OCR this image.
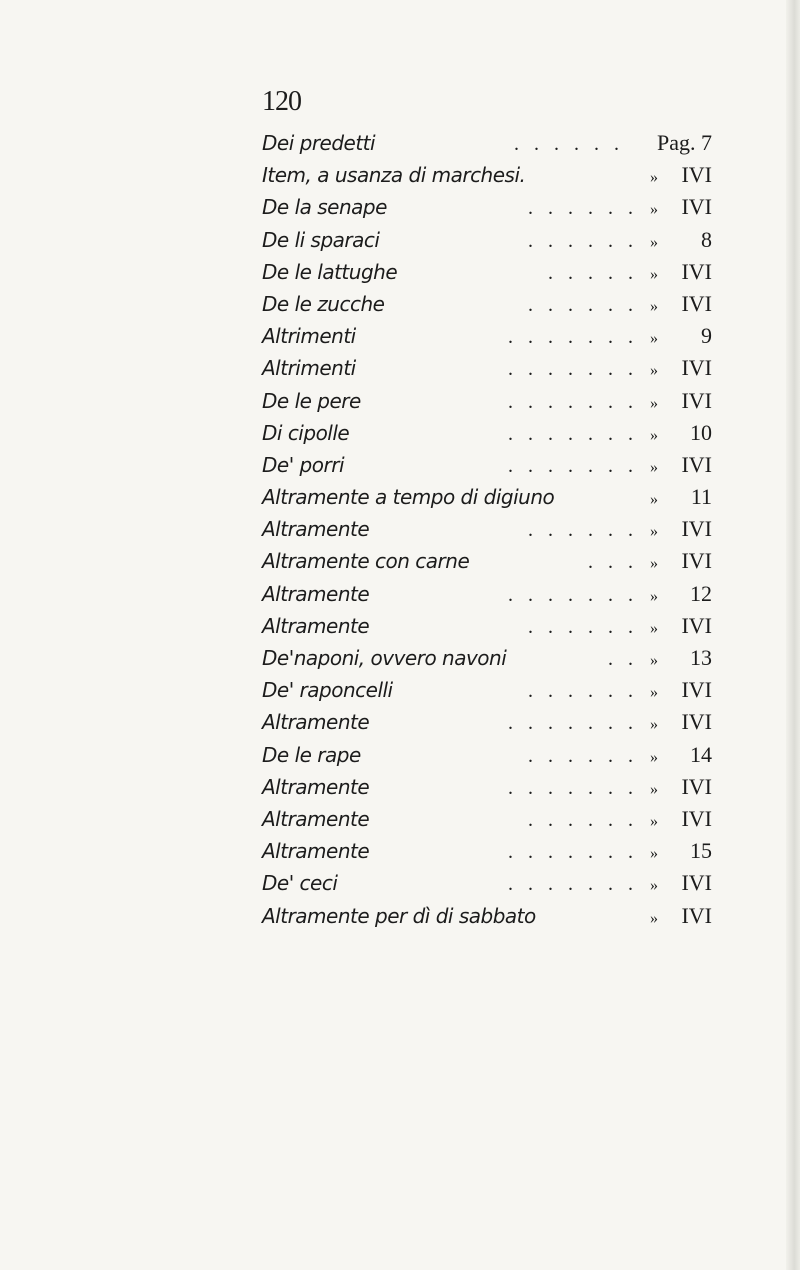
120
Dei predetti	. . . . . .	Pag. 7
Item, a usanza di marchesi.	»	IVI
De la senape	. . . . . . »	IVI
De li sparaci	. . . . . . »	8
De le lattughe	. . . . . »	IVI
De le zucche	. . . . . . »	IVI
Altrimenti	. . . . . . . »	9
Altrimenti	. . . . . . . »	IVI
De le pere	. . . . . . . »	IVI
Di cipolle	. . . . . . . »	10
De' porri	. . . . . . . »	IVI
Altramente a tempo di digiuno	»	11
Altramente	. . . . . . »	IVI
Altramente con carne	. . . »	IVI
Altramente	. . . . . . . »	12
Altramente	. . . . . . »	IVI
De'naponi, ovvero navoni	. . »	13
De' raponcelli	. . . . . . »	IVI
Altramente	. . . . . . . »	IVI
De le rape	. . . . . . »	14
Altramente	. . . . . . . »	IVI
Altramente	. . . . . . »	IVI
Altramente	. . . . . . . »	15
De' ceci	. . . . . . . »	IVI
Altramente per dì di sabbato	»	IVI
